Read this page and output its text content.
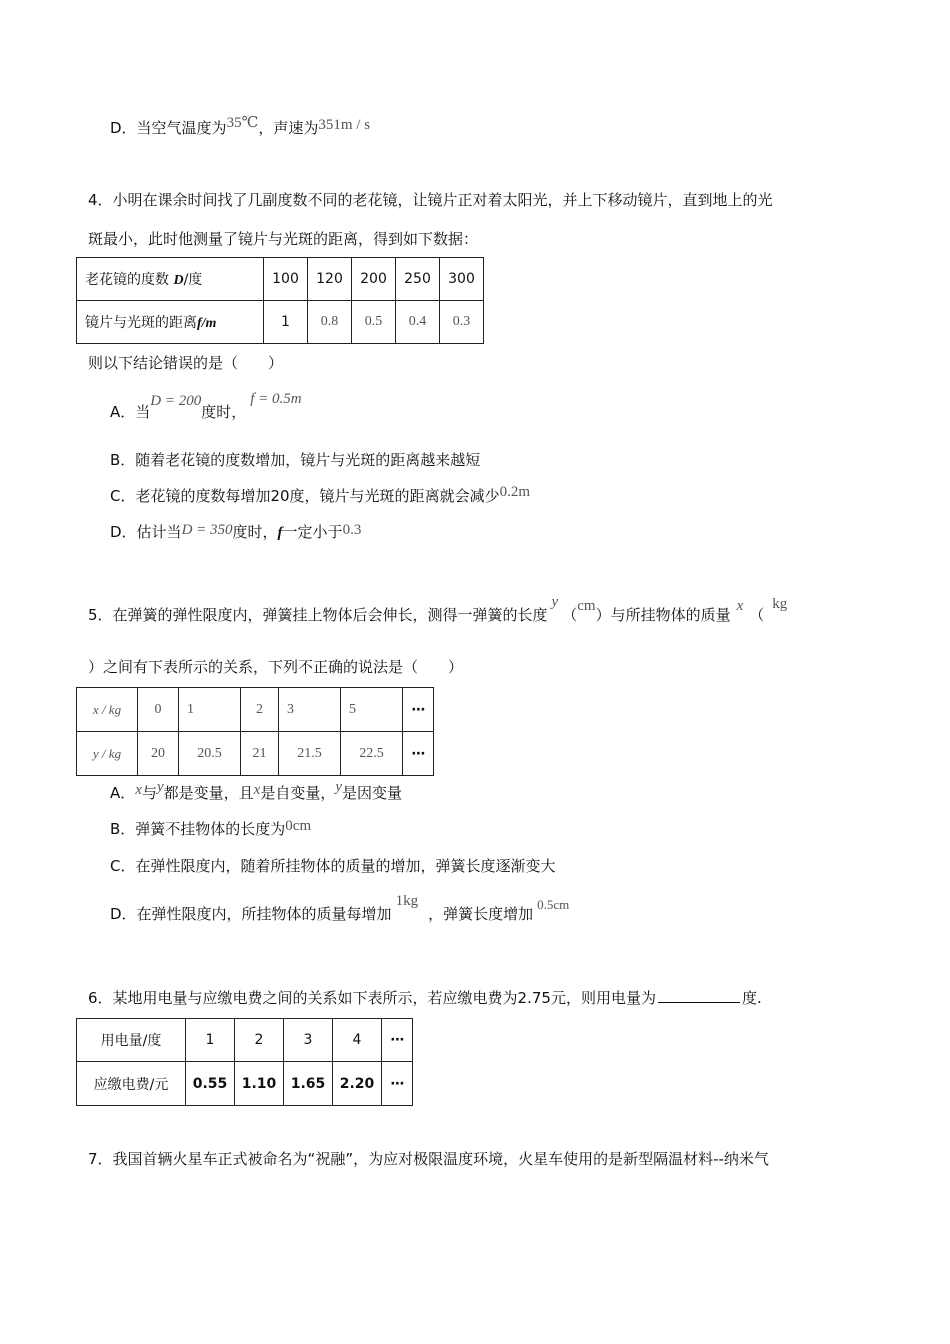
D．当空气温度为35℃，声速为351m / s
4．小明在课余时间找了几副度数不同的老花镜，让镜片正对着太阳光，并上下移动镜片，直到地上的光
斑最小，此时他测量了镜片与光斑的距离，得到如下数据：
老花镜的度数 D/度	100	120	200	250	300
镜片与光斑的距离f/m	1	0.8	0.5	0.4	0.3
则以下结论错误的是（　　）
A．当D = 200度时，f = 0.5m
B．随着老花镜的度数增加，镜片与光斑的距离越来越短
C．老花镜的度数每增加20度，镜片与光斑的距离就会减少0.2m
D．估计当D = 350度时，f一定小于0.3
5．在弹簧的弹性限度内，弹簧挂上物体后会伸长，测得一弹簧的长度y（cm）与所挂物体的质量 x （kg
）之间有下表所示的关系，下列不正确的说法是（　　）
x / kg	0	1	2	3	5	⋯
y / kg	20	20.5	21	21.5	22.5	⋯
A．x与y都是变量，且x是自变量，y是因变量
B．弹簧不挂物体的长度为0cm
C．在弹性限度内，随着所挂物体的质量的增加，弹簧长度逐渐变大
D．在弹性限度内，所挂物体的质量每增加1kg，弹簧长度增加0.5cm
6．某地用电量与应缴电费之间的关系如下表所示，若应缴电费为2.75元，则用电量为	度.
用电量/度	1	2	3	4	⋯
应缴电费/元	0.55	1.10	1.65	2.20	⋯
7．我国首辆火星车正式被命名为“祝融”，为应对极限温度环境，火星车使用的是新型隔温材料--纳米气
